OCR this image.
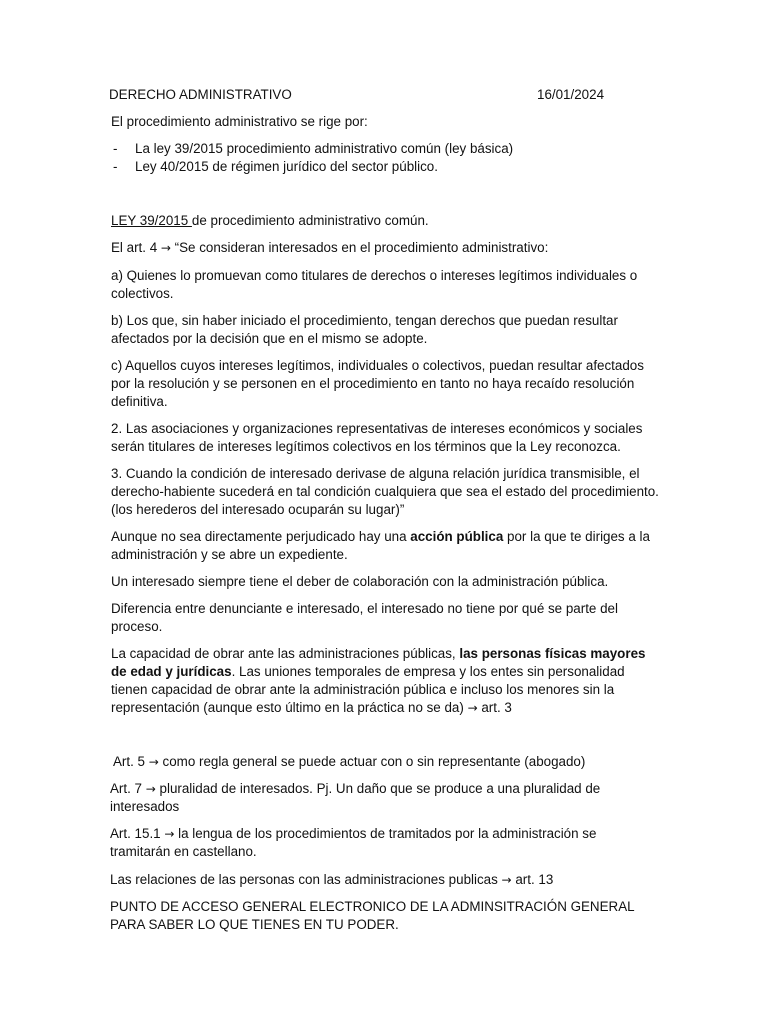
DERECHO ADMINISTRATIVO	16/01/2024

El procedimiento administrativo se rige por:

- La ley 39/2015 procedimiento administrativo común (ley básica)
- Ley 40/2015 de régimen jurídico del sector público.

LEY 39/2015 de procedimiento administrativo común.

El art. 4 → “Se consideran interesados en el procedimiento administrativo:

a) Quienes lo promuevan como titulares de derechos o intereses legítimos individuales o colectivos.

b) Los que, sin haber iniciado el procedimiento, tengan derechos que puedan resultar afectados por la decisión que en el mismo se adopte.

c) Aquellos cuyos intereses legítimos, individuales o colectivos, puedan resultar afectados por la resolución y se personen en el procedimiento en tanto no haya recaído resolución definitiva.

2. Las asociaciones y organizaciones representativas de intereses económicos y sociales serán titulares de intereses legítimos colectivos en los términos que la Ley reconozca.

3. Cuando la condición de interesado derivase de alguna relación jurídica transmisible, el derecho-habiente sucederá en tal condición cualquiera que sea el estado del procedimiento. (los herederos del interesado ocuparán su lugar)”

Aunque no sea directamente perjudicado hay una acción pública por la que te diriges a la administración y se abre un expediente.

Un interesado siempre tiene el deber de colaboración con la administración pública.

Diferencia entre denunciante e interesado, el interesado no tiene por qué se parte del proceso.

La capacidad de obrar ante las administraciones públicas, las personas físicas mayores de edad y jurídicas. Las uniones temporales de empresa y los entes sin personalidad tienen capacidad de obrar ante la administración pública e incluso los menores sin la representación (aunque esto último en la práctica no se da) → art. 3

Art. 5 → como regla general se puede actuar con o sin representante (abogado)

Art. 7 → pluralidad de interesados. Pj. Un daño que se produce a una pluralidad de interesados

Art. 15.1 → la lengua de los procedimientos de tramitados por la administración se tramitarán en castellano.

Las relaciones de las personas con las administraciones publicas → art. 13

PUNTO DE ACCESO GENERAL ELECTRONICO DE LA ADMINSITRACIÓN GENERAL PARA SABER LO QUE TIENES EN TU PODER.
